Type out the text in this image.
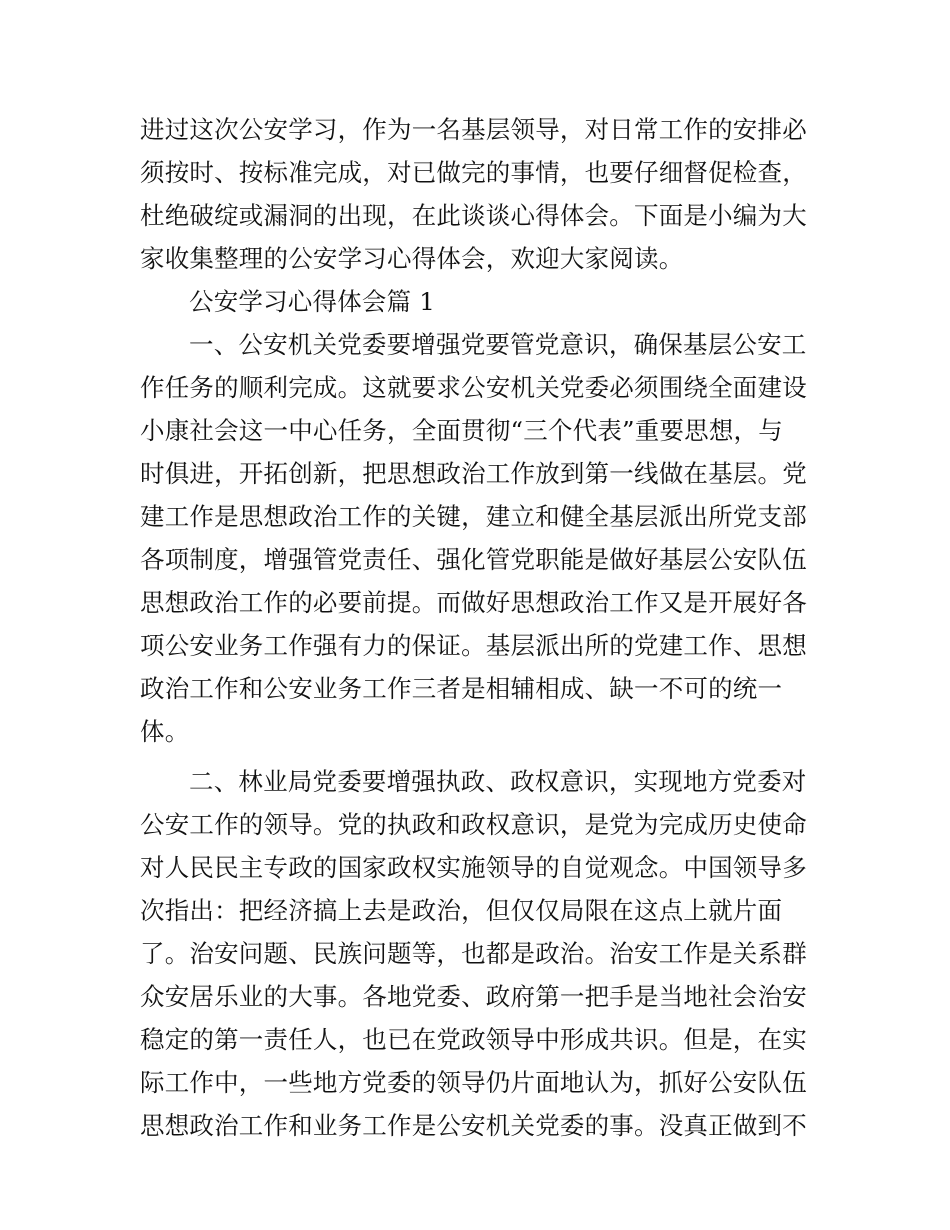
进过这次公安学习，作为一名基层领导，对日常工作的安排必
须按时、按标准完成，对已做完的事情，也要仔细督促检查，
杜绝破绽或漏洞的出现，在此谈谈心得体会。下面是小编为大
家收集整理的公安学习心得体会，欢迎大家阅读。
公安学习心得体会篇 1
一、公安机关党委要增强党要管党意识，确保基层公安工
作任务的顺利完成。这就要求公安机关党委必须围绕全面建设
小康社会这一中心任务，全面贯彻“三个代表”重要思想，与
时俱进，开拓创新，把思想政治工作放到第一线做在基层。党
建工作是思想政治工作的关键，建立和健全基层派出所党支部
各项制度，增强管党责任、强化管党职能是做好基层公安队伍
思想政治工作的必要前提。而做好思想政治工作又是开展好各
项公安业务工作强有力的保证。基层派出所的党建工作、思想
政治工作和公安业务工作三者是相辅相成、缺一不可的统一
体。
二、林业局党委要增强执政、政权意识，实现地方党委对
公安工作的领导。党的执政和政权意识，是党为完成历史使命
对人民民主专政的国家政权实施领导的自觉观念。中国领导多
次指出：把经济搞上去是政治，但仅仅局限在这点上就片面
了。治安问题、民族问题等，也都是政治。治安工作是关系群
众安居乐业的大事。各地党委、政府第一把手是当地社会治安
稳定的第一责任人，也已在党政领导中形成共识。但是，在实
际工作中，一些地方党委的领导仍片面地认为，抓好公安队伍
思想政治工作和业务工作是公安机关党委的事。没真正做到不
